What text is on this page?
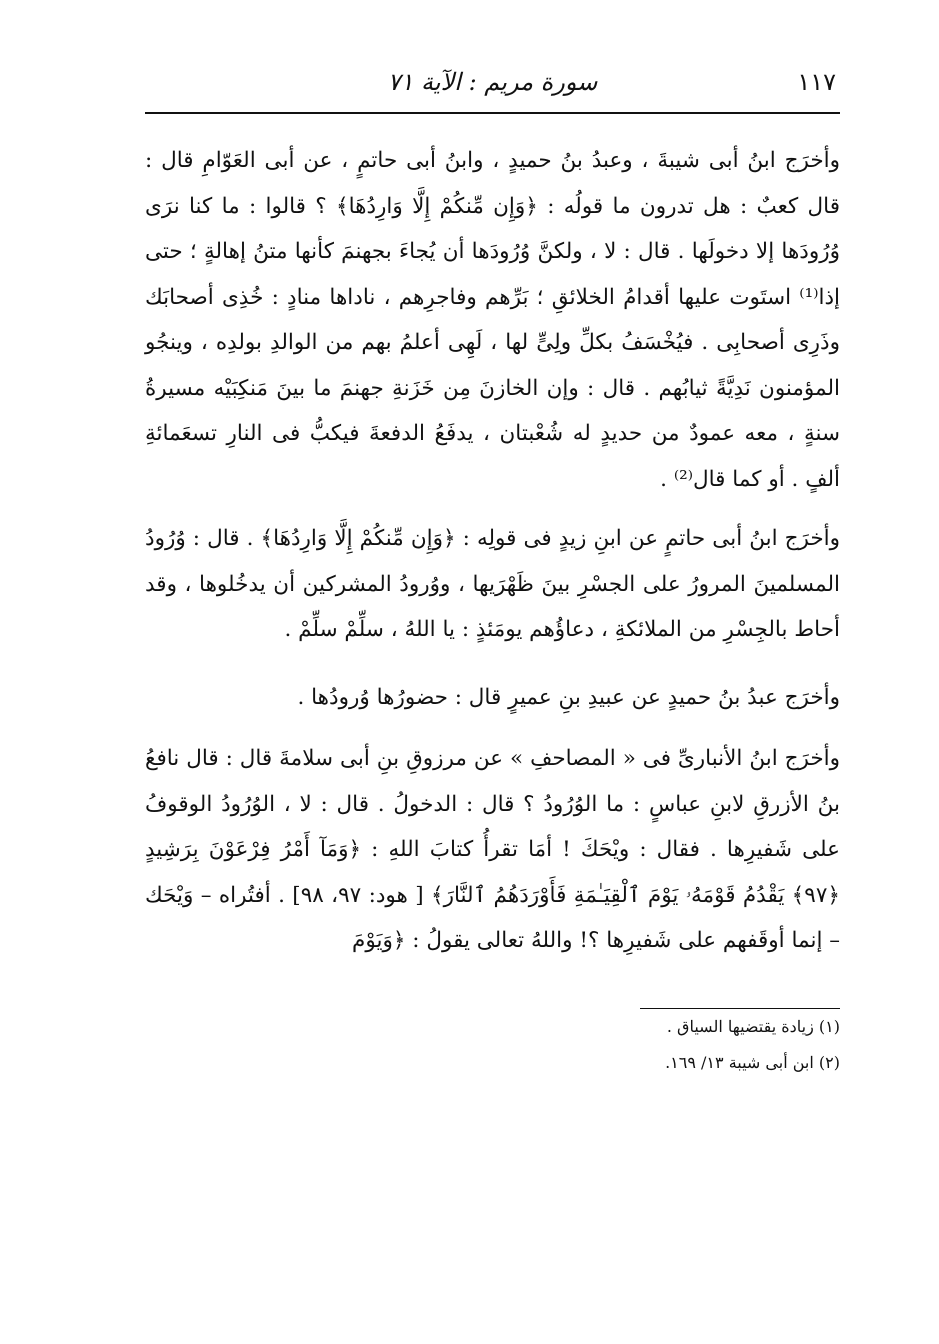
سورة مريم : الآية ٧١	١١٧

وأخرَج ابنُ أبى شيبةَ ، وعبدُ بنُ حميدٍ ، وابنُ أبى حاتمٍ ، عن أبى العَوّامِ قال : قال كعبٌ : هل تدرون ما قولُه : ﴿وَإِن مِّنكُمْ إِلَّا وَارِدُهَا﴾ ؟ قالوا : ما كنا نرَى وُرُودَها إلا دخولَها . قال : لا ، ولكنَّ وُرُودَها أن يُجاءَ بجهنمَ كأنها متنُ إهالةٍ ؛ حتى إذا⁽¹⁾ استَوت عليها أقدامُ الخلائقِ ؛ بَرِّهم وفاجرِهم ، ناداها منادٍ : خُذِى أصحابَك وذَرِى أصحابِى . فيُخْسَفُ بكلِّ ولِىٍّ لها ، لَهِى أعلمُ بهم من الوالدِ بولدِه ، وينجُو المؤمنون نَدِيَّةً ثيابُهم . قال : وإن الخازنَ مِن خَزَنةِ جهنمَ ما بينَ مَنكِبَيْه مسيرةُ سنةٍ ، معه عمودٌ من حديدٍ له شُعْبتان ، يدفَعُ الدفعةَ فيكبُّ فى النارِ تسعَمائةِ ألفٍ . أو كما قال⁽²⁾ .

وأخرَج ابنُ أبى حاتمٍ عن ابنِ زيدٍ فى قولِه : ﴿وَإِن مِّنكُمْ إِلَّا وَارِدُهَا﴾ . قال : وُرُودُ المسلمينَ المرورُ على الجسْرِ بينَ ظَهْرَيها ، ووُرودُ المشركين أن يدخُلوها ، وقد أحاط بالجِسْرِ من الملائكةِ ، دعاؤُهم يومَئذٍ : يا اللهُ ، سلِّمْ سلِّمْ .

وأخرَج عبدُ بنُ حميدٍ عن عبيدِ بنِ عميرٍ قال : حضورُها وُرودُها .

وأخرَج ابنُ الأنبارىِّ فى « المصاحفِ » عن مرزوقِ بنِ أبى سلامةَ قال : قال نافعُ بنُ الأزرقِ لابنِ عباسٍ : ما الوُرُودُ ؟ قال : الدخولُ . قال : لا ، الوُرُودُ الوقوفُ على شَفيرِها . فقال : ويْحَكَ ! أمَا تقرأُ كتابَ اللهِ : ﴿وَمَآ أَمْرُ فِرْعَوْنَ بِرَشِيدٍ ﴿٩٧﴾ يَقْدُمُ قَوْمَهُۥ يَوْمَ ٱلْقِيَـٰمَةِ فَأَوْرَدَهُمُ ٱلنَّارَ﴾ [ هود: ٩٧، ٩٨] . أفتُراه – وَيْحَك – إنما أوقَفهم على شَفيرِها ؟! واللهُ تعالى يقولُ : ﴿وَيَوْمَ

(١) زيادة يقتضيها السياق .
(٢) ابن أبى شيبة ١٣/ ١٦٩.
